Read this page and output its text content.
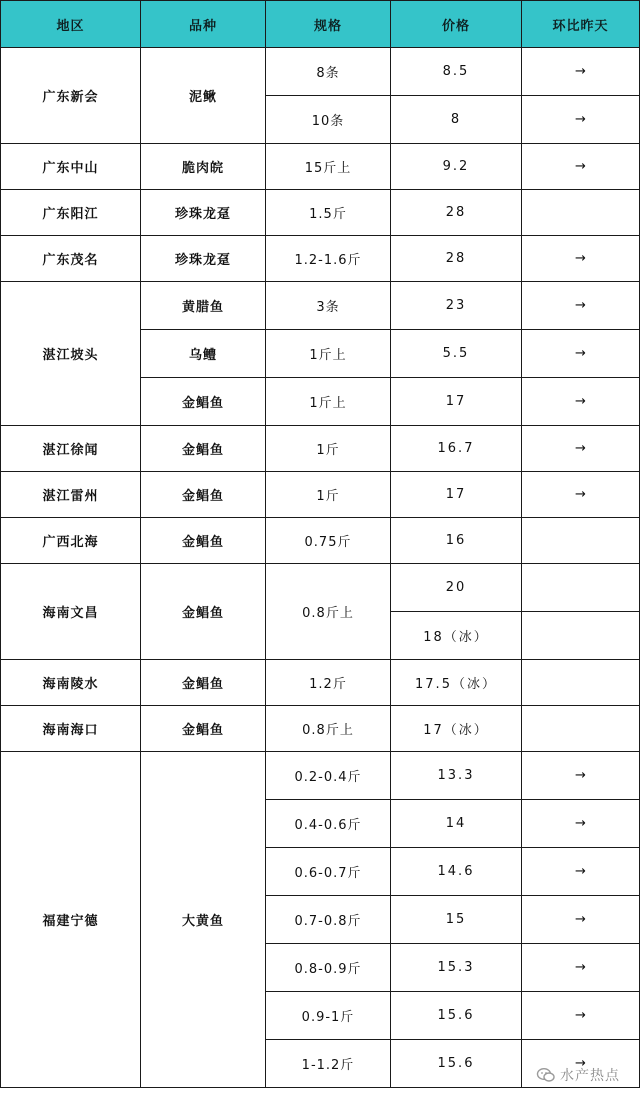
地区	品种	规格	价格	环比昨天
广东新会	泥鳅	8条	8.5	→
		10条	8	→
广东中山	脆肉皖	15斤上	9.2	→
广东阳江	珍珠龙趸	1.5斤	28	
广东茂名	珍珠龙趸	1.2-1.6斤	28	→
湛江坡头	黄腊鱼	3条	23	→
	乌鳢	1斤上	5.5	→
	金鲳鱼	1斤上	17	→
湛江徐闻	金鲳鱼	1斤	16.7	→
湛江雷州	金鲳鱼	1斤	17	→
广西北海	金鲳鱼	0.75斤	16	
海南文昌	金鲳鱼	0.8斤上	20	
			18（冰）	
海南陵水	金鲳鱼	1.2斤	17.5（冰）	
海南海口	金鲳鱼	0.8斤上	17（冰）	
福建宁德	大黄鱼	0.2-0.4斤	13.3	→
		0.4-0.6斤	14	→
		0.6-0.7斤	14.6	→
		0.7-0.8斤	15	→
		0.8-0.9斤	15.3	→
		0.9-1斤	15.6	→
		1-1.2斤	15.6	→
水产热点
